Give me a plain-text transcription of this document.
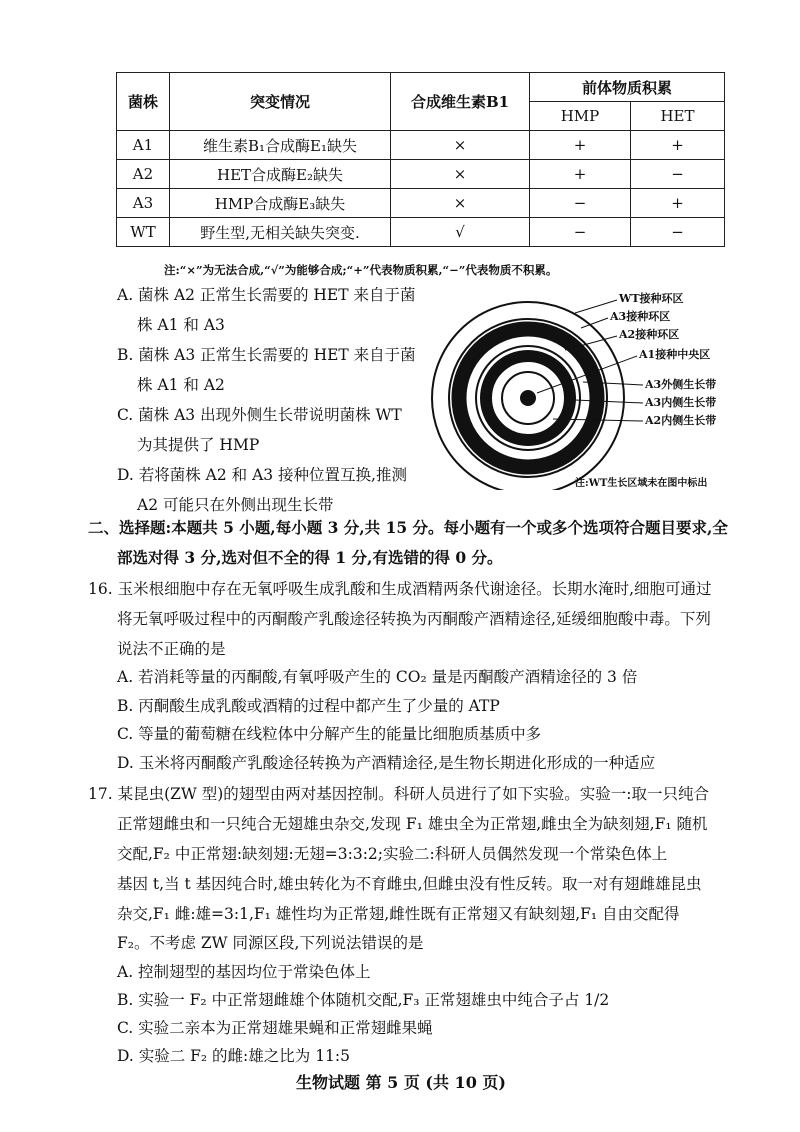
菌株	突变情况	合成维生素B1	前体物质积累	
			HMP	HET
A1	维生素B₁合成酶E₁缺失	×	+	+
A2	HET合成酶E₂缺失	×	+	−
A3	HMP合成酶E₃缺失	×	−	+
WT	野生型,无相关缺失突变.	√	−	−
注:“×”为无法合成,“√”为能够合成;“+”代表物质积累,“−”代表物质不积累。
A. 菌株 A2 正常生长需要的 HET 来自于菌
株 A1 和 A3
B. 菌株 A3 正常生长需要的 HET 来自于菌
株 A1 和 A2
C. 菌株 A3 出现外侧生长带说明菌株 WT
为其提供了 HMP
D. 若将菌株 A2 和 A3 接种位置互换,推测
A2 可能只在外侧出现生长带
WT接种环区
A3接种环区
A2接种环区
A1接种中央区
A3外侧生长带
A3内侧生长带
A2内侧生长带
注:WT生长区域未在图中标出
二、选择题:本题共 5 小题,每小题 3 分,共 15 分。每小题有一个或多个选项符合题目要求,全
部选对得 3 分,选对但不全的得 1 分,有选错的得 0 分。
16. 玉米根细胞中存在无氧呼吸生成乳酸和生成酒精两条代谢途径。长期水淹时,细胞可通过
将无氧呼吸过程中的丙酮酸产乳酸途径转换为丙酮酸产酒精途径,延缓细胞酸中毒。下列
说法不正确的是
A. 若消耗等量的丙酮酸,有氧呼吸产生的 CO₂ 量是丙酮酸产酒精途径的 3 倍
B. 丙酮酸生成乳酸或酒精的过程中都产生了少量的 ATP
C. 等量的葡萄糖在线粒体中分解产生的能量比细胞质基质中多
D. 玉米将丙酮酸产乳酸途径转换为产酒精途径,是生物长期进化形成的一种适应
17. 某昆虫(ZW 型)的翅型由两对基因控制。科研人员进行了如下实验。实验一:取一只纯合
正常翅雌虫和一只纯合无翅雄虫杂交,发现 F₁ 雄虫全为正常翅,雌虫全为缺刻翅,F₁ 随机
交配,F₂ 中正常翅:缺刻翅:无翅=3:3:2;实验二:科研人员偶然发现一个常染色体上
基因 t,当 t 基因纯合时,雄虫转化为不育雌虫,但雌虫没有性反转。取一对有翅雌雄昆虫
杂交,F₁ 雌:雄=3:1,F₁ 雄性均为正常翅,雌性既有正常翅又有缺刻翅,F₁ 自由交配得
F₂。不考虑 ZW 同源区段,下列说法错误的是
A. 控制翅型的基因均位于常染色体上
B. 实验一 F₂ 中正常翅雌雄个体随机交配,F₃ 正常翅雄虫中纯合子占 1/2
C. 实验二亲本为正常翅雄果蝇和正常翅雌果蝇
D. 实验二 F₂ 的雌:雄之比为 11:5
生物试题 第 5 页 (共 10 页)
